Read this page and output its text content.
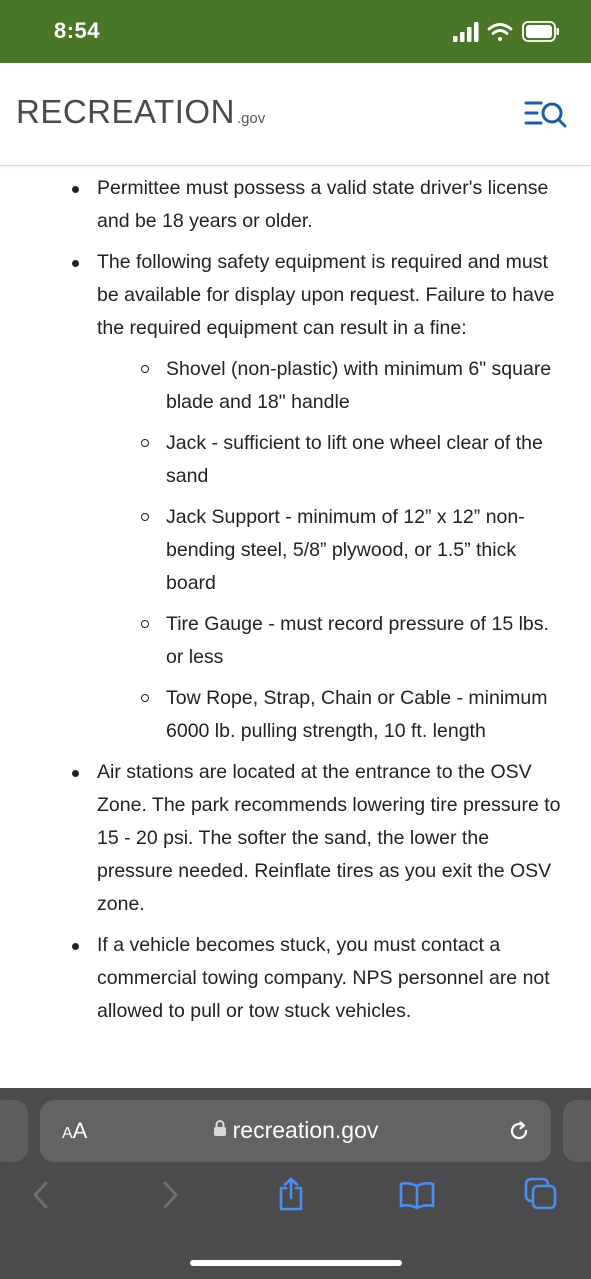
8:54
RECREATION .gov
Permittee must possess a valid state driver's license and be 18 years or older.
The following safety equipment is required and must be available for display upon request. Failure to have the required equipment can result in a fine:
Shovel (non-plastic) with minimum 6" square blade and 18" handle
Jack - sufficient to lift one wheel clear of the sand
Jack Support - minimum of 12” x 12” non-bending steel, 5/8” plywood, or 1.5” thick board
Tire Gauge - must record pressure of 15 lbs. or less
Tow Rope, Strap, Chain or Cable - minimum 6000 lb. pulling strength, 10 ft. length
Air stations are located at the entrance to the OSV Zone. The park recommends lowering tire pressure to 15 - 20 psi. The softer the sand, the lower the pressure needed. Reinflate tires as you exit the OSV zone.
If a vehicle becomes stuck, you must contact a commercial towing company. NPS personnel are not allowed to pull or tow stuck vehicles.
AA	recreation.gov
